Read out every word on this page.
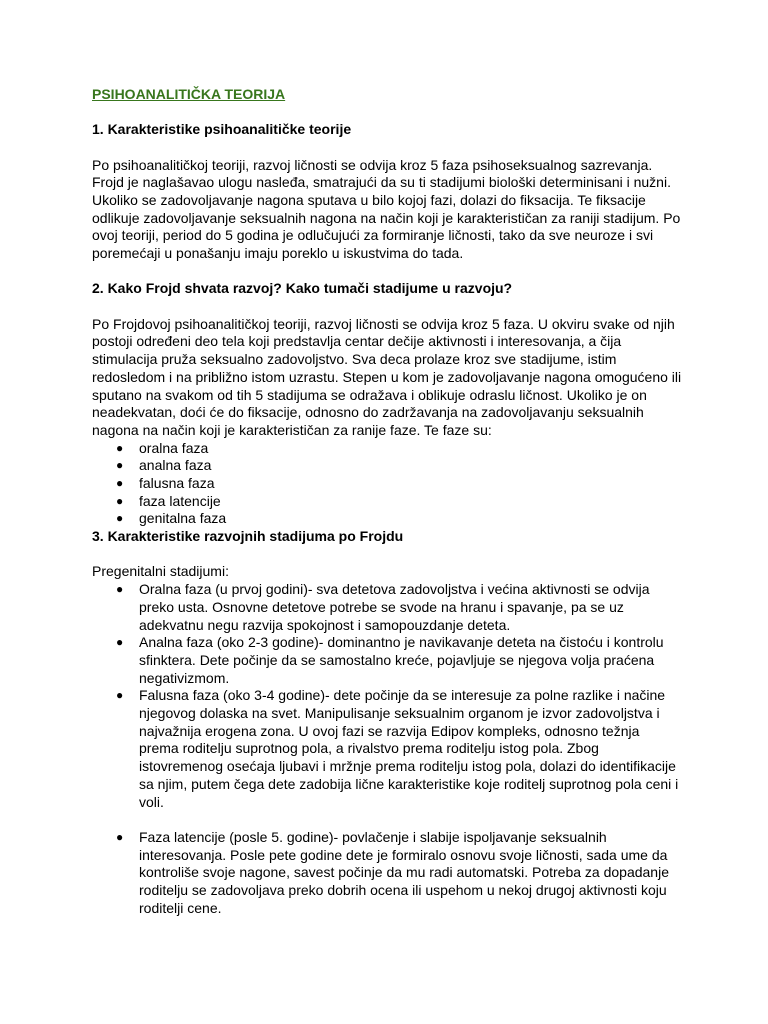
PSIHOANALITIČKA TEORIJA
1. Karakteristike psihoanalitičke teorije
Po psihoanalitičkoj teoriji, razvoj ličnosti se odvija kroz 5 faza psihoseksualnog sazrevanja. Frojd je naglašavao ulogu nasleđa, smatrajući da su ti stadijumi biološki determinisani i nužni. Ukoliko se zadovoljavanje nagona sputava u bilo kojoj fazi, dolazi do fiksacija. Te fiksacije odlikuje zadovoljavanje seksualnih nagona na način koji je karakterističan za raniji stadijum. Po ovoj teoriji, period do 5 godina je odlučujući za formiranje ličnosti, tako da sve neuroze i svi poremećaji u ponašanju imaju poreklo u iskustvima do tada.
2. Kako Frojd shvata razvoj? Kako tumači stadijume u razvoju?
Po Frojdovoj psihoanalitičkoj teoriji, razvoj ličnosti se odvija kroz 5 faza. U okviru svake od njih postoji određeni deo tela koji predstavlja centar dečije aktivnosti i interesovanja, a čija stimulacija pruža seksualno zadovoljstvo. Sva deca prolaze kroz sve stadijume, istim redosledom i na približno istom uzrastu. Stepen u kom je zadovoljavanje nagona omogućeno ili sputano na svakom od tih 5 stadijuma se odražava i oblikuje odraslu ličnost. Ukoliko je on neadekvatan, doći će do fiksacije, odnosno do zadržavanja na zadovoljavanju seksualnih nagona na način koji je karakterističan za ranije faze. Te faze su:
● oralna faza
● analna faza
● falusna faza
● faza latencije
● genitalna faza
3. Karakteristike razvojnih stadijuma po Frojdu
Pregenitalni stadijumi:
● Oralna faza (u prvoj godini)- sva detetova zadovoljstva i većina aktivnosti se odvija preko usta. Osnovne detetove potrebe se svode na hranu i spavanje, pa se uz adekvatnu negu razvija spokojnost i samopouzdanje deteta.
● Analna faza (oko 2-3 godine)- dominantno je navikavanje deteta na čistoću i kontrolu sfinktera. Dete počinje da se samostalno kreće, pojavljuje se njegova volja praćena negativizmom.
● Falusna faza (oko 3-4 godine)- dete počinje da se interesuje za polne razlike i načine njegovog dolaska na svet. Manipulisanje seksualnim organom je izvor zadovoljstva i najvažnija erogena zona. U ovoj fazi se razvija Edipov kompleks, odnosno težnja prema roditelju suprotnog pola, a rivalstvo prema roditelju istog pola. Zbog istovremenog osećaja ljubavi i mržnje prema roditelju istog pola, dolazi do identifikacije sa njim, putem čega dete zadobija lične karakteristike koje roditelj suprotnog pola ceni i voli.
● Faza latencije (posle 5. godine)- povlačenje i slabije ispoljavanje seksualnih interesovanja. Posle pete godine dete je formiralo osnovu svoje ličnosti, sada ume da kontroliše svoje nagone, savest počinje da mu radi automatski. Potreba za dopadanje roditelju se zadovoljava preko dobrih ocena ili uspehom u nekoj drugoj aktivnosti koju roditelji cene.
